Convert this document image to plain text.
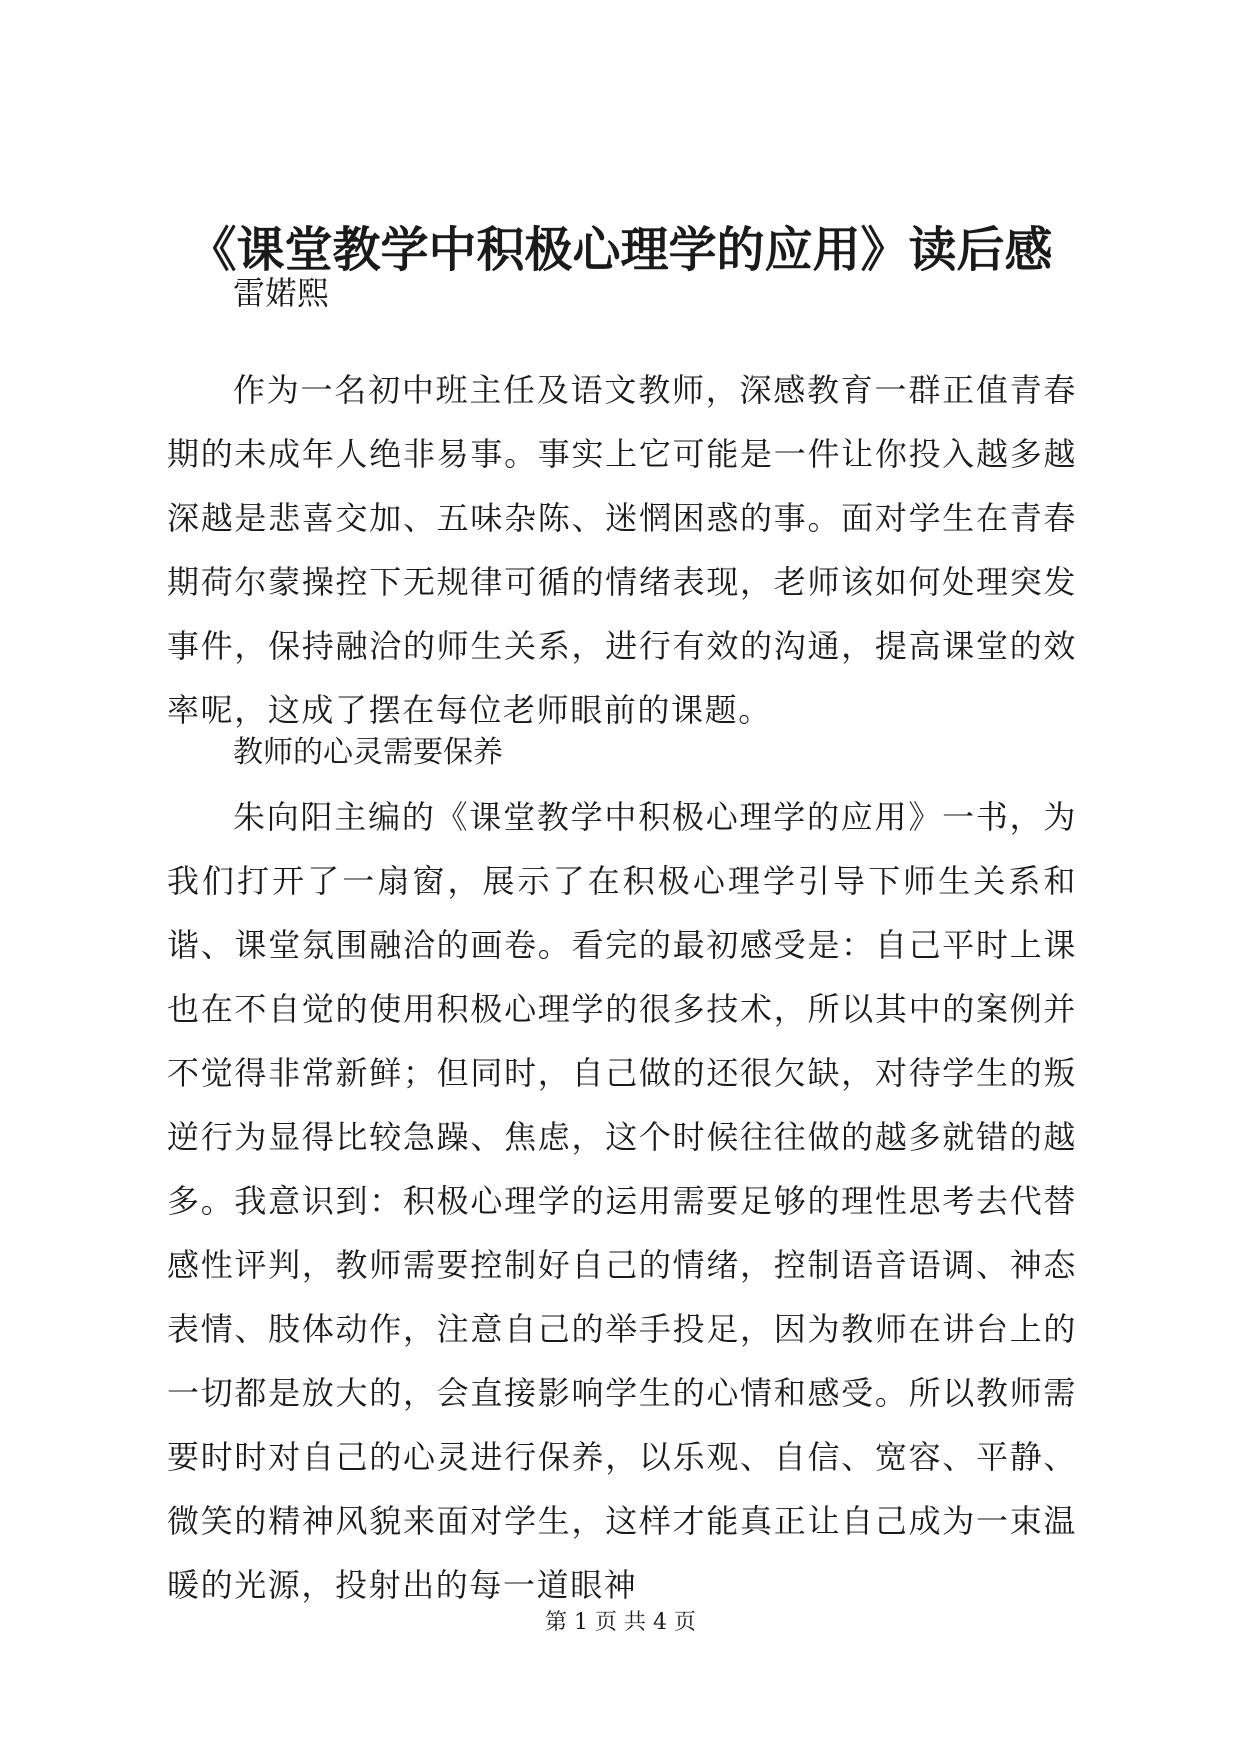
《课堂教学中积极心理学的应用》读后感
雷婼熙

作为一名初中班主任及语文教师，深感教育一群正值青春期的未成年人绝非易事。事实上它可能是一件让你投入越多越深越是悲喜交加、五味杂陈、迷惘困惑的事。面对学生在青春期荷尔蒙操控下无规律可循的情绪表现，老师该如何处理突发事件，保持融洽的师生关系，进行有效的沟通，提高课堂的效率呢，这成了摆在每位老师眼前的课题。

教师的心灵需要保养

朱向阳主编的《课堂教学中积极心理学的应用》一书，为我们打开了一扇窗，展示了在积极心理学引导下师生关系和谐、课堂氛围融洽的画卷。看完的最初感受是：自己平时上课也在不自觉的使用积极心理学的很多技术，所以其中的案例并不觉得非常新鲜；但同时，自己做的还很欠缺，对待学生的叛逆行为显得比较急躁、焦虑，这个时候往往做的越多就错的越多。我意识到：积极心理学的运用需要足够的理性思考去代替感性评判，教师需要控制好自己的情绪，控制语音语调、神态表情、肢体动作，注意自己的举手投足，因为教师在讲台上的一切都是放大的，会直接影响学生的心情和感受。所以教师需要时时对自己的心灵进行保养，以乐观、自信、宽容、平静、微笑的精神风貌来面对学生，这样才能真正让自己成为一束温暖的光源，投射出的每一道眼神

第 1 页 共 4 页
